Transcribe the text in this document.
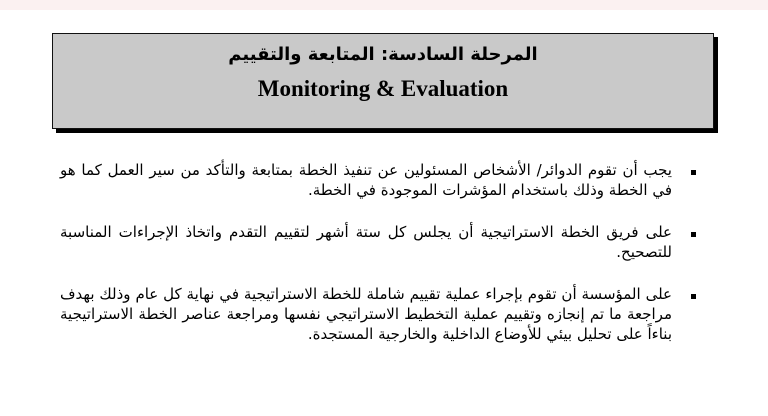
المرحلة السادسة: المتابعة والتقييم
Monitoring & Evaluation
يجب أن تقوم الدوائر/ الأشخاص المسئولين عن تنفيذ الخطة بمتابعة والتأكد من سير العمل كما هو في الخطة وذلك باستخدام المؤشرات الموجودة في الخطة.
على فريق الخطة الاستراتيجية أن يجلس كل ستة أشهر لتقييم التقدم واتخاذ الإجراءات المناسبة للتصحيح.
على المؤسسة أن تقوم بإجراء عملية تقييم شاملة للخطة الاستراتيجية في نهاية كل عام وذلك بهدف مراجعة ما تم إنجازه وتقييم عملية التخطيط الاستراتيجي نفسها ومراجعة عناصر الخطة الاستراتيجية بناءاً على تحليل بيئي للأوضاع الداخلية والخارجية المستجدة.
